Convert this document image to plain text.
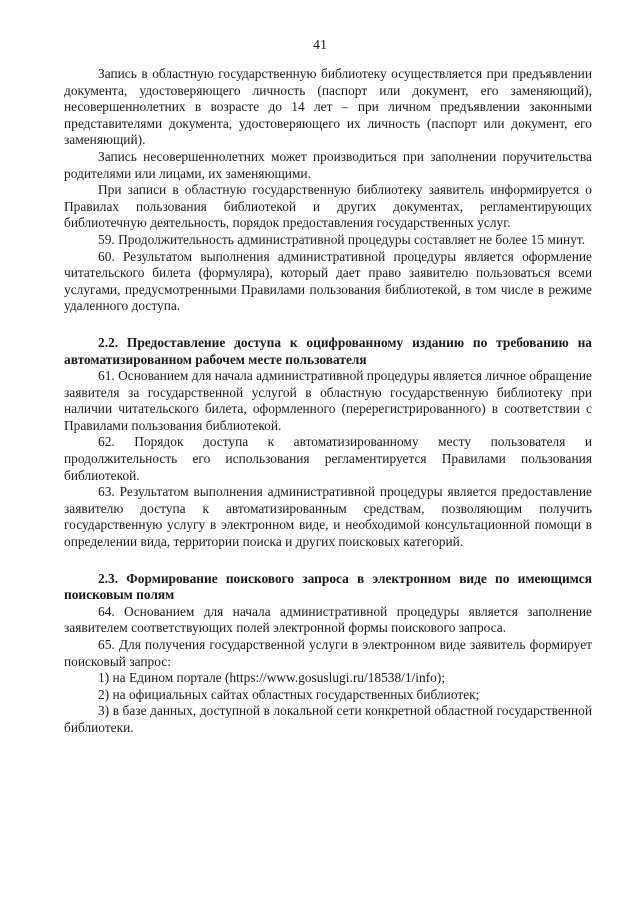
41

Запись в областную государственную библиотеку осуществляется при предъявлении документа, удостоверяющего личность (паспорт или документ, его заменяющий), несовершеннолетних в возрасте до 14 лет – при личном предъявлении законными представителями документа, удостоверяющего их личность (паспорт или документ, его заменяющий).

Запись несовершеннолетних может производиться при заполнении поручительства родителями или лицами, их заменяющими.

При записи в областную государственную библиотеку заявитель информируется о Правилах пользования библиотекой и других документах, регламентирующих библиотечную деятельность, порядок предоставления государственных услуг.

59. Продолжительность административной процедуры составляет не более 15 минут.

60. Результатом выполнения административной процедуры является оформление читательского билета (формуляра), который дает право заявителю пользоваться всеми услугами, предусмотренными Правилами пользования библиотекой, в том числе в режиме удаленного доступа.

2.2. Предоставление доступа к оцифрованному изданию по требованию на автоматизированном рабочем месте пользователя

61. Основанием для начала административной процедуры является личное обращение заявителя за государственной услугой в областную государственную библиотеку при наличии читательского билета, оформленного (перерегистрированного) в соответствии с Правилами пользования библиотекой.

62. Порядок доступа к автоматизированному месту пользователя и продолжительность его использования регламентируется Правилами пользования библиотекой.

63. Результатом выполнения административной процедуры является предоставление заявителю доступа к автоматизированным средствам, позволяющим получить государственную услугу в электронном виде, и необходимой консультационной помощи в определении вида, территории поиска и других поисковых категорий.

2.3. Формирование поискового запроса в электронном виде по имеющимся поисковым полям

64. Основанием для начала административной процедуры является заполнение заявителем соответствующих полей электронной формы поискового запроса.

65. Для получения государственной услуги в электронном виде заявитель формирует поисковый запрос:

1) на Едином портале (https://www.gosuslugi.ru/18538/1/info);

2) на официальных сайтах областных государственных библиотек;

3) в базе данных, доступной в локальной сети конкретной областной государственной библиотеки.
